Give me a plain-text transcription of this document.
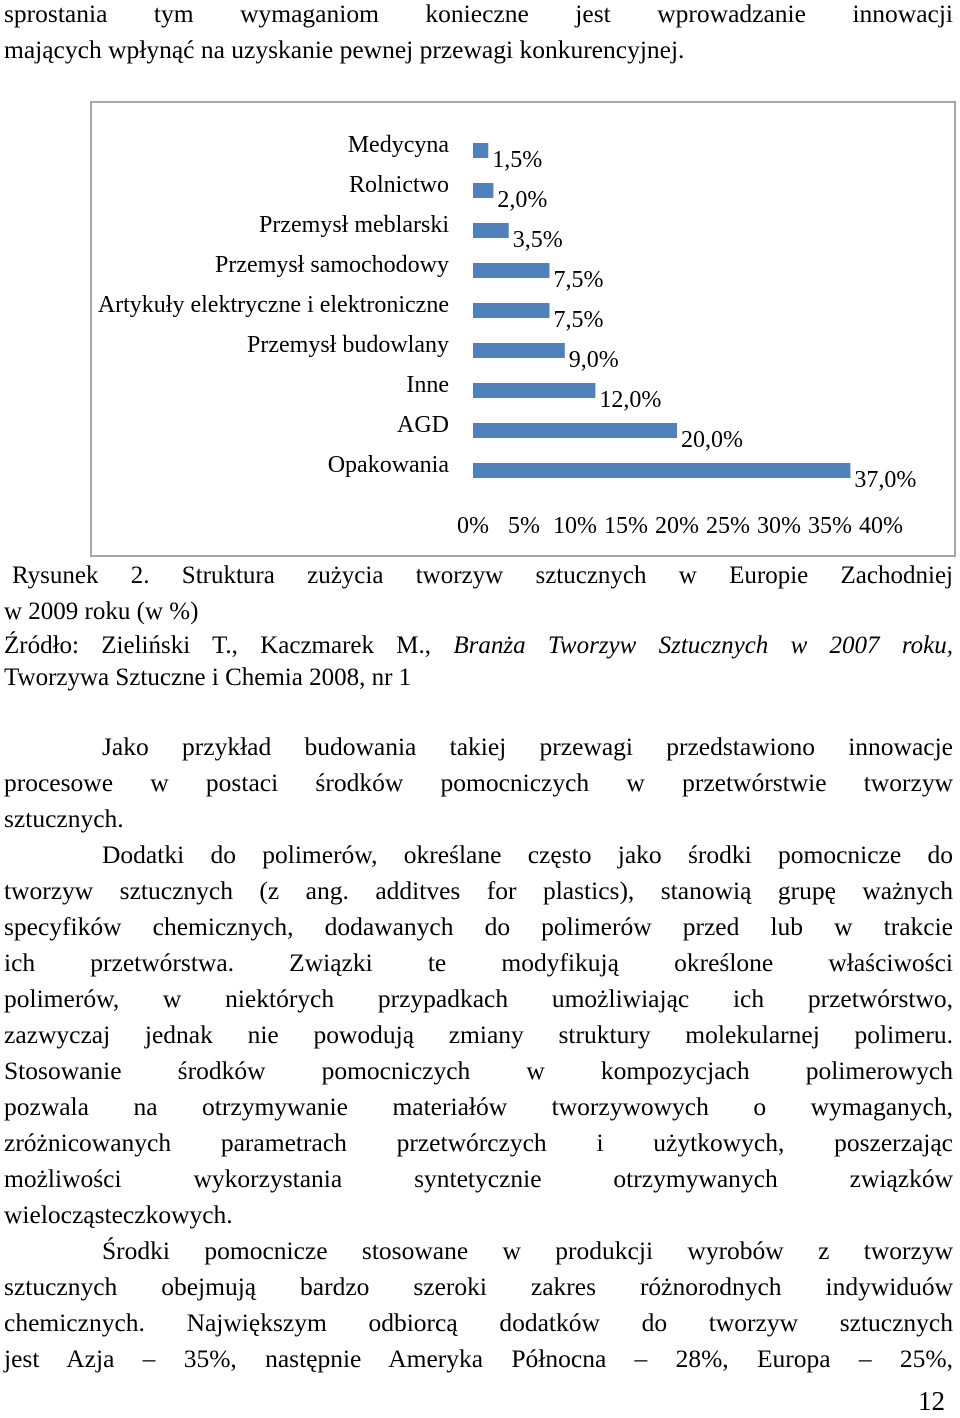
sprostania tym wymaganiom konieczne jest wprowadzanie innowacji
mających wpłynąć na uzyskanie pewnej przewagi konkurencyjnej.
Medycyna
1,5%
Rolnictwo
2,0%
Przemysł meblarski
3,5%
Przemysł samochodowy
7,5%
Artykuły elektryczne i elektroniczne
7,5%
Przemysł budowlany
9,0%
Inne
12,0%
AGD
20,0%
Opakowania
37,0%
0% 5% 10% 15% 20% 25% 30% 35% 40%
Rysunek 2. Struktura zużycia tworzyw sztucznych w Europie Zachodniej
w 2009 roku (w %)
Źródło: Zieliński T., Kaczmarek M., Branża Tworzyw Sztucznych w 2007 roku,
Tworzywa Sztuczne i Chemia 2008, nr 1
Jako przykład budowania takiej przewagi przedstawiono innowacje
procesowe w postaci środków pomocniczych w przetwórstwie tworzyw
sztucznych.
Dodatki do polimerów, określane często jako środki pomocnicze do
tworzyw sztucznych (z ang. additves for plastics), stanowią grupę ważnych
specyfików chemicznych, dodawanych do polimerów przed lub w trakcie
ich przetwórstwa. Związki te modyfikują określone właściwości
polimerów, w niektórych przypadkach umożliwiając ich przetwórstwo,
zazwyczaj jednak nie powodują zmiany struktury molekularnej polimeru.
Stosowanie środków pomocniczych w kompozycjach polimerowych
pozwala na otrzymywanie materiałów tworzywowych o wymaganych,
zróżnicowanych parametrach przetwórczych i użytkowych, poszerzając
możliwości wykorzystania syntetycznie otrzymywanych związków
wielocząsteczkowych.
Środki pomocnicze stosowane w produkcji wyrobów z tworzyw
sztucznych obejmują bardzo szeroki zakres różnorodnych indywiduów
chemicznych. Największym odbiorcą dodatków do tworzyw sztucznych
jest Azja – 35%, następnie Ameryka Północna – 28%, Europa – 25%,
12
